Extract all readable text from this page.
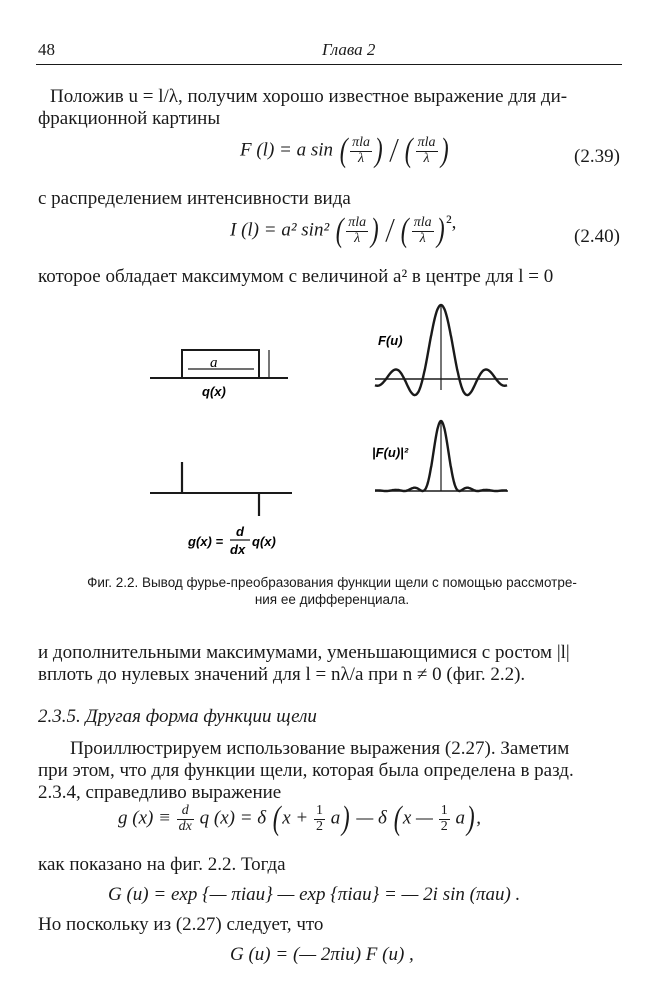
48	Глава 2
Положив u = l/λ, получим хорошо известное выражение для ди-
фракционной картины
F (l) = a sin ( $\frac{\text{πla}}{\lambda}$ ) / ( $\frac{\text{πla}}{\lambda}$ )	(2.39)
с распределением интенсивности вида
I (l) = a² sin² ( $\frac{\text{πla}}{\lambda}$ ) / ( $\frac{\text{πla}}{\lambda} )^2$,
(2.40)
которое обладает максимумом с величиной a² в центре для l = 0
a
q(x)
F(u)
|F(u)|²
g(x) =
d
dx
q(x)
Фиг. 2.2. Вывод фурье-преобразования функции щели с помощью рассмотре-
ния ее дифференциала.
и дополнительными максимумами, уменьшающимися с ростом |l|
вплоть до нулевых значений для l = nλ/a при n ≠ 0 (фиг. 2.2).
2.3.5. Другая форма функции щели
Проиллюстрируем использование выражения (2.27). Заметим
при этом, что для функции щели, которая была определена в разд.
2.3.4, справедливо выражение
g $(x) \equiv \frac{d}{dx}$ q (x) = δ $(x + \frac{1}{2} a)$ — δ (x — $\frac{1}{2} a$),
как показано на фиг. 2.2. Тогда
G (u) = exp {— πiau} — exp {πiau} = — 2i sin (πau) .
Но поскольку из (2.27) следует, что
G (u) = (— 2πiu) F (u) ,
